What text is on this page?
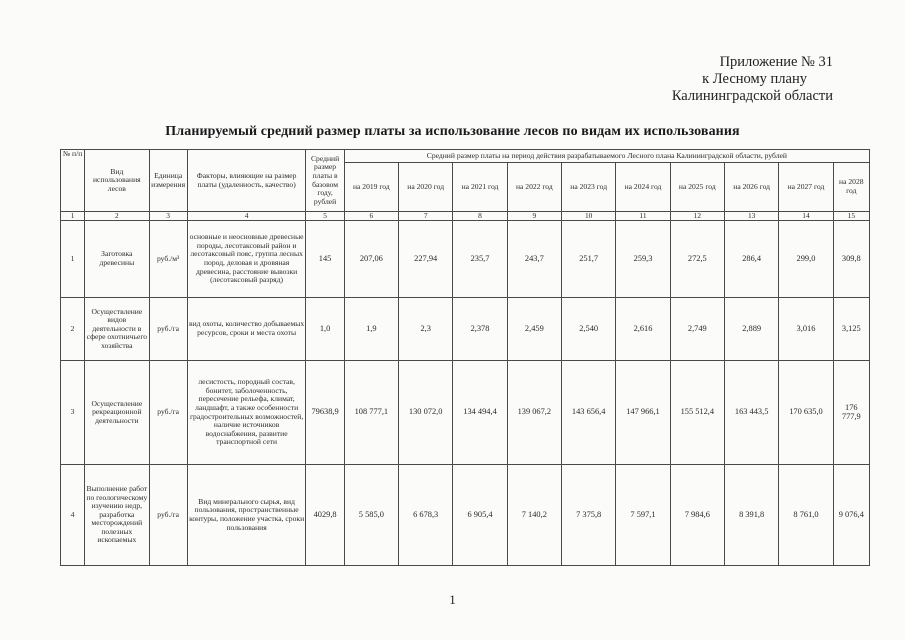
Приложение № 31
к Лесному плану
Калининградской области
Планируемый средний размер платы за использование лесов по видам их использования
№ п/п	Вид использования лесов	Единица измерения	Факторы, влияющие на размер платы (удаленность, качество)	Средний размер платы в базовом году, рублей	Средний размер платы на период действия разрабатываемого Лесного плана Калининградской области, рублей									
					на 2019 год	на 2020 год	на 2021 год	на 2022 год	на 2023 год	на 2024 год	на 2025 год	на 2026 год	на 2027 год	на 2028 год
1	2	3	4	5	6	7	8	9	10	11	12	13	14	15
1	Заготовка древесины	руб./м³	основные и неосновные древесные породы, лесотаксовый район и лесотаксовый пояс, группа лесных пород, деловая и дровяная древесина, расстояние вывозки (лесотаксовый разряд)	145	207,06	227,94	235,7	243,7	251,7	259,3	272,5	286,4	299,0	309,8
2	Осуществление видов деятельности в сфере охотничьего хозяйства	руб./га	вид охоты, количество добываемых ресурсов, сроки и места охоты	1,0	1,9	2,3	2,378	2,459	2,540	2,616	2,749	2,889	3,016	3,125
3	Осуществление рекреационной деятельности	руб./га	лесистость, породный состав, бонитет, заболоченность, пересечение рельефа, климат, ландшафт, а также особенности градостроительных возможностей, наличие источников водоснабжения, развитие транспортной сети	79638,9	108 777,1	130 072,0	134 494,4	139 067,2	143 656,4	147 966,1	155 512,4	163 443,5	170 635,0	176 777,9
4	Выполнение работ по геологическому изучению недр, разработка месторождений полезных ископаемых	руб./га	Вид минерального сырья, вид пользования, пространственные контуры, положение участка, сроки пользования	4029,8	5 585,0	6 678,3	6 905,4	7 140,2	7 375,8	7 597,1	7 984,6	8 391,8	8 761,0	9 076,4
1
